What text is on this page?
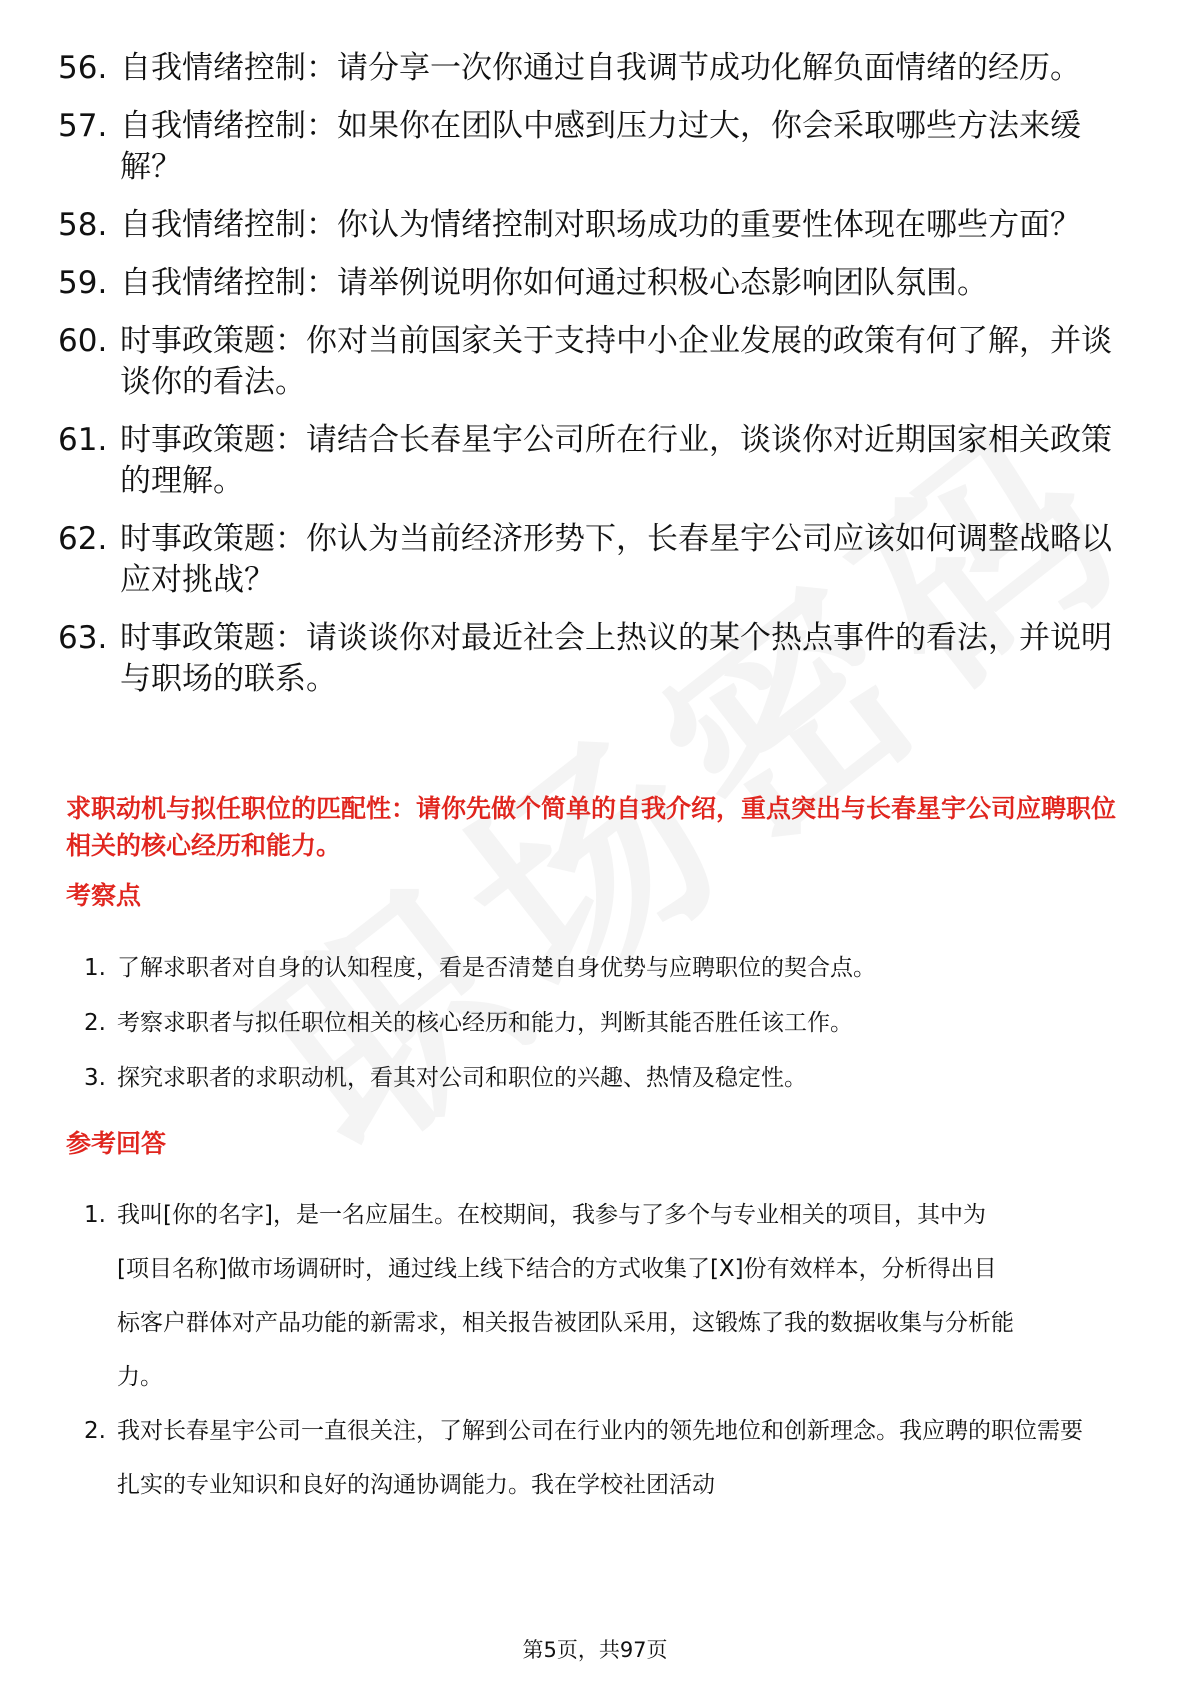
56. 自我情绪控制：请分享一次你通过自我调节成功化解负面情绪的经历。
57. 自我情绪控制：如果你在团队中感到压力过大，你会采取哪些方法来缓解？
58. 自我情绪控制：你认为情绪控制对职场成功的重要性体现在哪些方面？
59. 自我情绪控制：请举例说明你如何通过积极心态影响团队氛围。
60. 时事政策题：你对当前国家关于支持中小企业发展的政策有何了解，并谈谈你的看法。
61. 时事政策题：请结合长春星宇公司所在行业，谈谈你对近期国家相关政策的理解。
62. 时事政策题：你认为当前经济形势下，长春星宇公司应该如何调整战略以应对挑战？
63. 时事政策题：请谈谈你对最近社会上热议的某个热点事件的看法，并说明与职场的联系。
求职动机与拟任职位的匹配性：请你先做个简单的自我介绍，重点突出与长春星宇公司应聘职位相关的核心经历和能力。
考察点
1. 了解求职者对自身的认知程度，看是否清楚自身优势与应聘职位的契合点。
2. 考察求职者与拟任职位相关的核心经历和能力，判断其能否胜任该工作。
3. 探究求职者的求职动机，看其对公司和职位的兴趣、热情及稳定性。
参考回答
1. 我叫[你的名字]，是一名应届生。在校期间，我参与了多个与专业相关的项目，其中为[项目名称]做市场调研时，通过线上线下结合的方式收集了[X]份有效样本，分析得出目标客户群体对产品功能的新需求，相关报告被团队采用，这锻炼了我的数据收集与分析能力。
2. 我对长春星宇公司一直很关注，了解到公司在行业内的领先地位和创新理念。我应聘的职位需要扎实的专业知识和良好的沟通协调能力。我在学校社团活动
第5页，共97页
